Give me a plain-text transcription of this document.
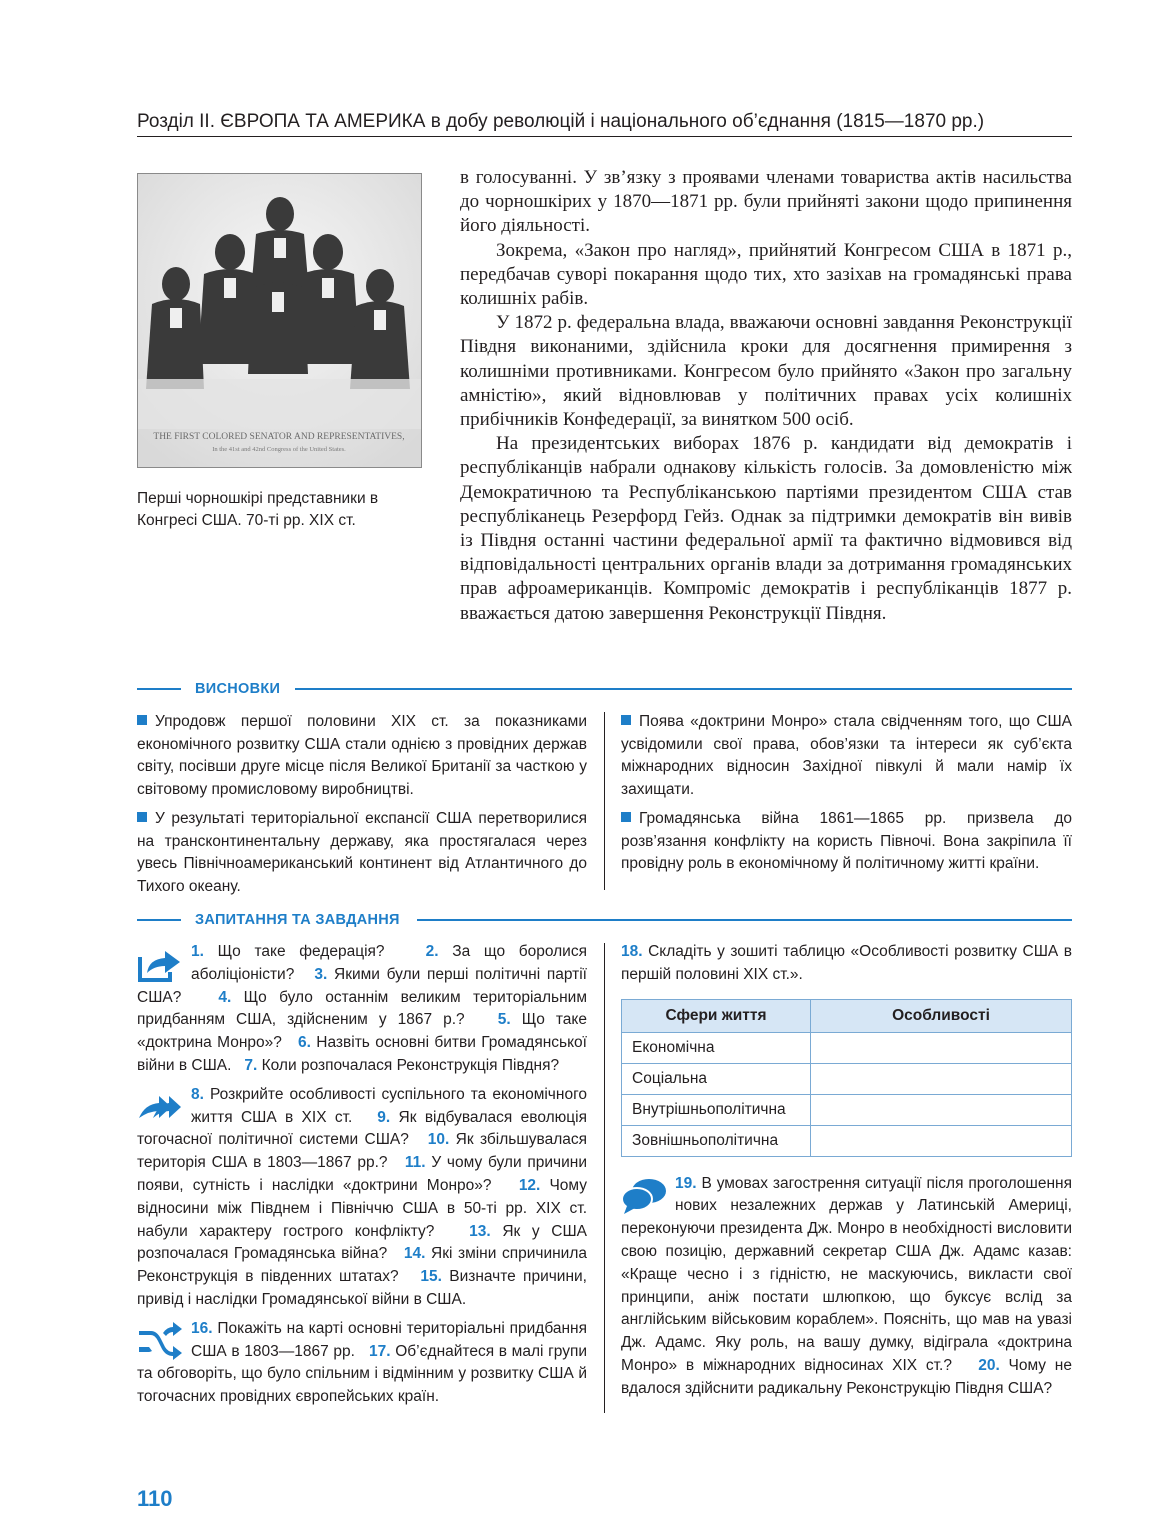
Розділ ІІ. ЄВРОПА ТА АМЕРИКА в добу революцій і національного об’єднання (1815—1870 рр.)
THE FIRST COLORED SENATOR AND REPRESENTATIVES,
In the 41st and 42nd Congress of the United States.
Перші чорношкірі представники в Конгресі США. 70-ті рр. ХІХ ст.

в голосуванні. У зв’язку з проявами членами товариства актів насильства до чорношкірих у 1870—1871 рр. були прийняті закони щодо припинення його діяльності.

Зокрема, «Закон про нагляд», прийнятий Конгресом США в 1871 р., передбачав суворі покарання щодо тих, хто зазіхав на громадянські права колишніх рабів.

У 1872 р. федеральна влада, вважаючи основні завдання Реконструкції Півдня виконаними, здійснила кроки для досягнення примирення з колишніми противниками. Конгресом було прийнято «Закон про загальну амністію», який відновлював у політичних правах усіх колишніх прибічників Конфедерації, за винятком 500 осіб.

На президентських виборах 1876 р. кандидати від демократів і республіканців набрали однакову кількість голосів. За домовленістю між Демократичною та Республіканською партіями президентом США став республіканець Резерфорд Гейз. Однак за підтримки демократів він вивів із Півдня останні частини федеральної армії та фактично відмовився від відповідальності центральних органів влади за дотримання громадянських прав афроамериканців. Компроміс демократів і республіканців 1877 р. вважається датою завершення Реконструкції Півдня.

ВИСНОВКИ

Упродовж першої половини ХІХ ст. за показниками економічного розвитку США стали однією з провідних держав світу, посівши друге місце після Великої Британії за часткою у світовому промисловому виробництві.

У результаті територіальної експансії США перетворилися на трансконтинентальну державу, яка простягалася через увесь Північноамериканський континент від Атлантичного до Тихого океану.

Поява «доктрини Монро» стала свідченням того, що США усвідомили свої права, обов’язки та інтереси як суб’єкта міжнародних відносин Західної півкулі й мали намір їх захищати.

Громадянська війна 1861—1865 рр. призвела до розв’язання конфлікту на користь Півночі. Вона закріпила її провідну роль в економічному й політичному житті країни.

ЗАПИТАННЯ ТА ЗАВДАННЯ

1. Що таке федерація?	2. За що боролися аболіціоністи? 3. Якими були перші політичні партії США? 4. Що було останнім великим територіальним придбанням США, здійсненим у 1867 р.? 5. Що таке «доктрина Монро»? 6. Назвіть основні битви Громадянської війни в США. 7. Коли розпочалася Реконструкція Півдня?

8. Розкрийте особливості суспільного та економічного життя США в ХІХ ст. 9. Як відбувалася еволюція тогочасної політичної системи США? 10. Як збільшувалася територія США в 1803—1867 рр.? 11. У чому були причини появи, сутність і наслідки «доктрини Монро»? 12. Чому відносини між Півднем і Північчю США в 50-ті рр. ХІХ ст. набули характеру гострого конфлікту? 13. Як у США розпочалася Громадянська війна? 14. Які зміни спричинила Реконструкція в південних штатах? 15. Визначте причини, привід і наслідки Громадянської війни в США.

16. Покажіть на карті основні територіальні придбання США в 1803—1867 рр. 17. Об’єднайтеся в малі групи та обговоріть, що було спільним і відмінним у розвитку США й тогочасних провідних європейських країн.

18. Складіть у зошиті таблицю «Особливості розвитку США в першій половині ХІХ ст.».

Сфери життя	Особливості
Економічна	
Соціальна	
Внутрішньополітична	
Зовнішньополітична	

19. В умовах загострення ситуації після проголошення нових незалежних держав у Латинській Америці, переконуючи президента Дж. Монро в необхідності висловити свою позицію, державний секретар США Дж. Адамс казав: «Краще чесно і з гідністю, не маскуючись, викласти свої принципи, аніж постати шлюпкою, що буксує вслід за англійським військовим кораблем». Поясніть, що мав на увазі Дж. Адамс. Яку роль, на вашу думку, відіграла «доктрина Монро» в міжнародних відносинах ХІХ ст.? 20. Чому не вдалося здійснити радикальну Реконструкцію Півдня США?

110
